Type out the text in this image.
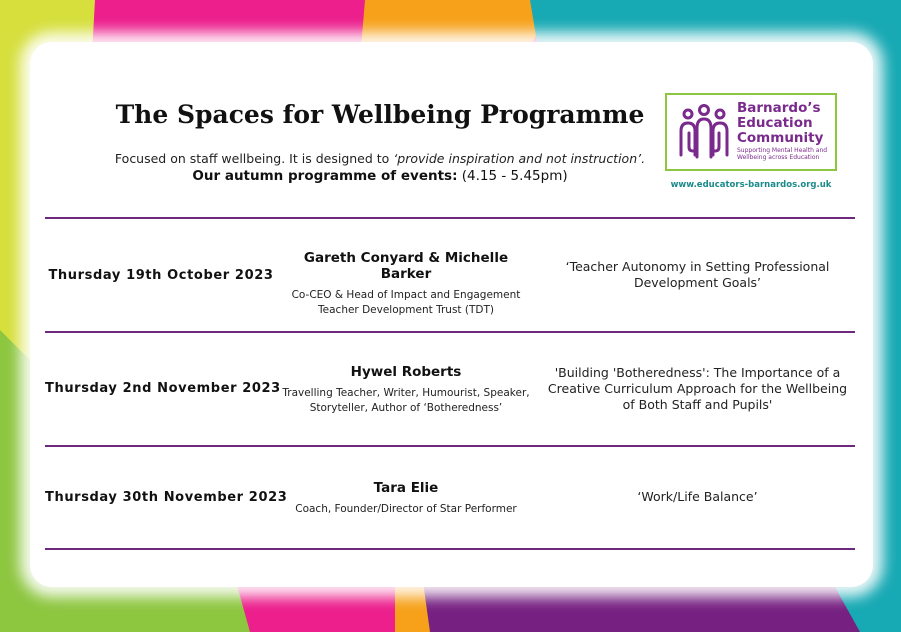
The Spaces for Wellbeing Programme
Focused on staff wellbeing. It is designed to ‘provide inspiration and not instruction’.
Our autumn programme of events: (4.15 - 5.45pm)
Barnardo’s
Education
Community
Supporting Mental Health and Wellbeing across Education
www.educators-barnardos.org.uk
Thursday 19th October 2023
Gareth Conyard & Michelle Barker
Co-CEO & Head of Impact and Engagement
Teacher Development Trust (TDT)
‘Teacher Autonomy in Setting Professional
Development Goals’
Thursday 2nd November 2023
Hywel Roberts
Travelling Teacher, Writer, Humourist, Speaker,
Storyteller, Author of ‘Botheredness’
'Building 'Botheredness': The Importance of a
Creative Curriculum Approach for the Wellbeing
of Both Staff and Pupils'
Thursday 30th November 2023
Tara Elie
Coach, Founder/Director of Star Performer
‘Work/Life Balance’
